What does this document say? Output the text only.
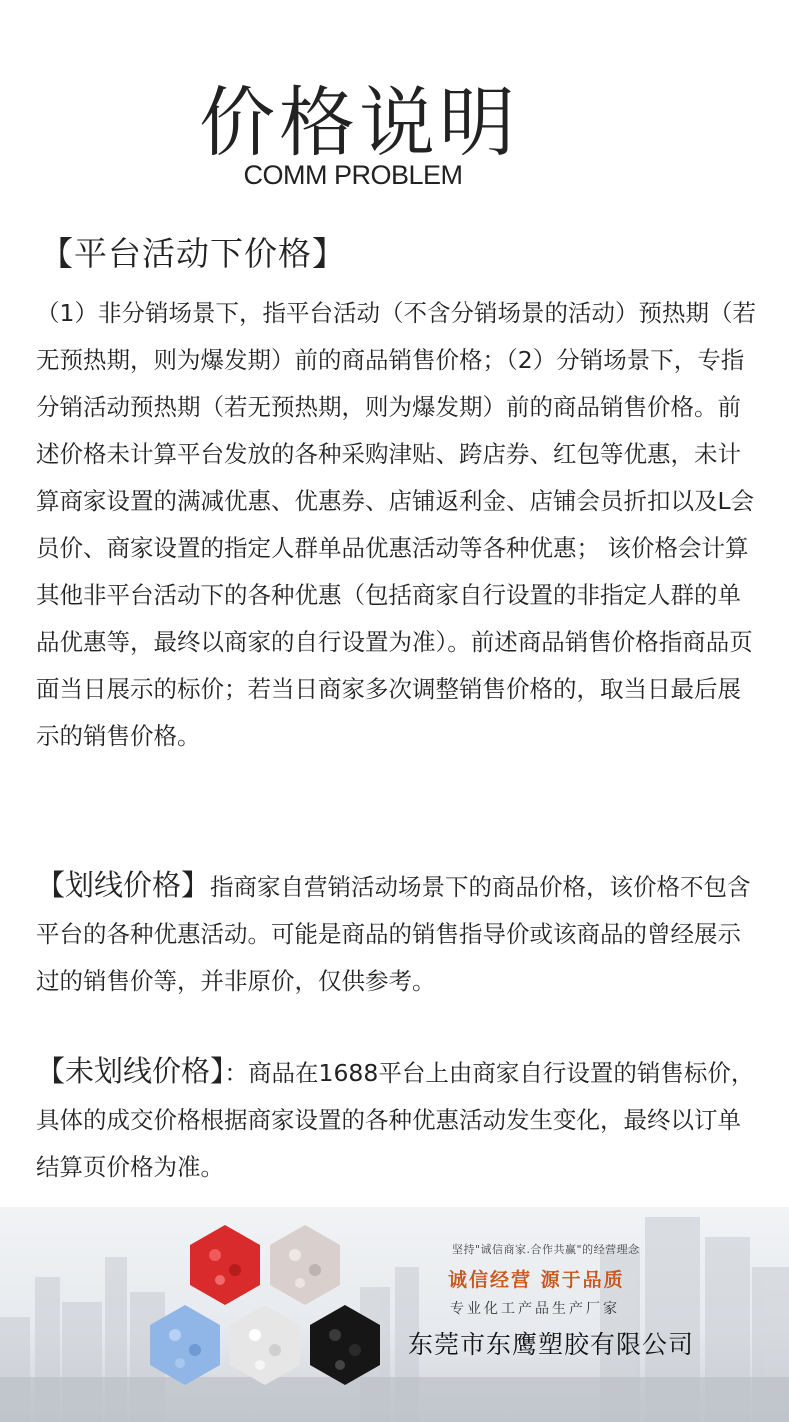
价格说明
COMM PROBLEM
【平台活动下价格】

（1）非分销场景下，指平台活动（不含分销场景的活动）预热期（若无预热期，则为爆发期）前的商品销售价格；（2）分销场景下，专指分销活动预热期（若无预热期，则为爆发期）前的商品销售价格。前述价格未计算平台发放的各种采购津贴、跨店券、红包等优惠，未计算商家设置的满减优惠、优惠券、店铺返利金、店铺会员折扣以及L会员价、商家设置的指定人群单品优惠活动等各种优惠； 该价格会计算其他非平台活动下的各种优惠（包括商家自行设置的非指定人群的单品优惠等，最终以商家的自行设置为准）。前述商品销售价格指商品页面当日展示的标价；若当日商家多次调整销售价格的，取当日最后展示的销售价格。

【划线价格】指商家自营销活动场景下的商品价格，该价格不包含平台的各种优惠活动。可能是商品的销售指导价或该商品的曾经展示过的销售价等，并非原价，仅供参考。

【未划线价格】：商品在1688平台上由商家自行设置的销售标价，具体的成交价格根据商家设置的各种优惠活动发生变化，最终以订单结算页价格为准。

坚持"诚信商家.合作共赢"的经营理念
诚信经营 源于品质
专业化工产品生产厂家
东莞市东鹰塑胶有限公司
